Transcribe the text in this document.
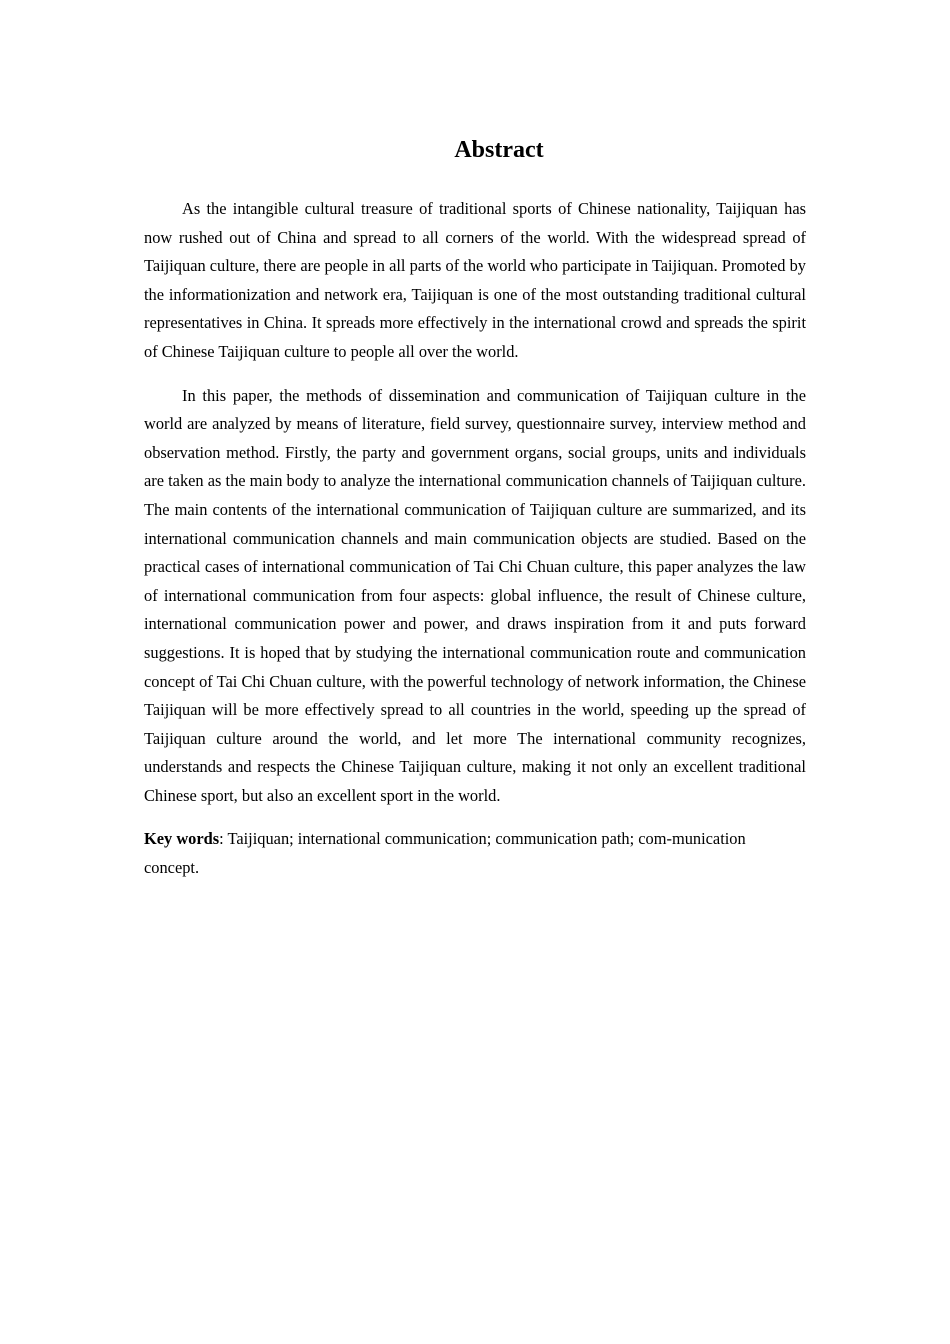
Abstract

As the intangible cultural treasure of traditional sports of Chinese nationality, Taijiquan has now rushed out of China and spread to all corners of the world. With the widespread spread of Taijiquan culture, there are people in all parts of the world who participate in Taijiquan. Promoted by the informationization and network era, Taijiquan is one of the most outstanding traditional cultural representatives in China. It spreads more effectively in the international crowd and spreads the spirit of Chinese Taijiquan culture to people all over the world.

In this paper, the methods of dissemination and communication of Taijiquan culture in the world are analyzed by means of literature, field survey, questionnaire survey, interview method and observation method. Firstly, the party and government organs, social groups, units and individuals are taken as the main body to analyze the international communication channels of Taijiquan culture. The main contents of the international communication of Taijiquan culture are summarized, and its international communication channels and main communication objects are studied. Based on the practical cases of international communication of Tai Chi Chuan culture, this paper analyzes the law of international communication from four aspects: global influence, the result of Chinese culture, international communication power and power, and draws inspiration from it and puts forward suggestions. It is hoped that by studying the international communication route and communication concept of Tai Chi Chuan culture, with the powerful technology of network information, the Chinese Taijiquan will be more effectively spread to all countries in the world, speeding up the spread of Taijiquan culture around the world, and let more The international community recognizes, understands and respects the Chinese Taijiquan culture, making it not only an excellent traditional Chinese sport, but also an excellent sport in the world.

Key words: Taijiquan; international communication; communication path; com-munication concept.
